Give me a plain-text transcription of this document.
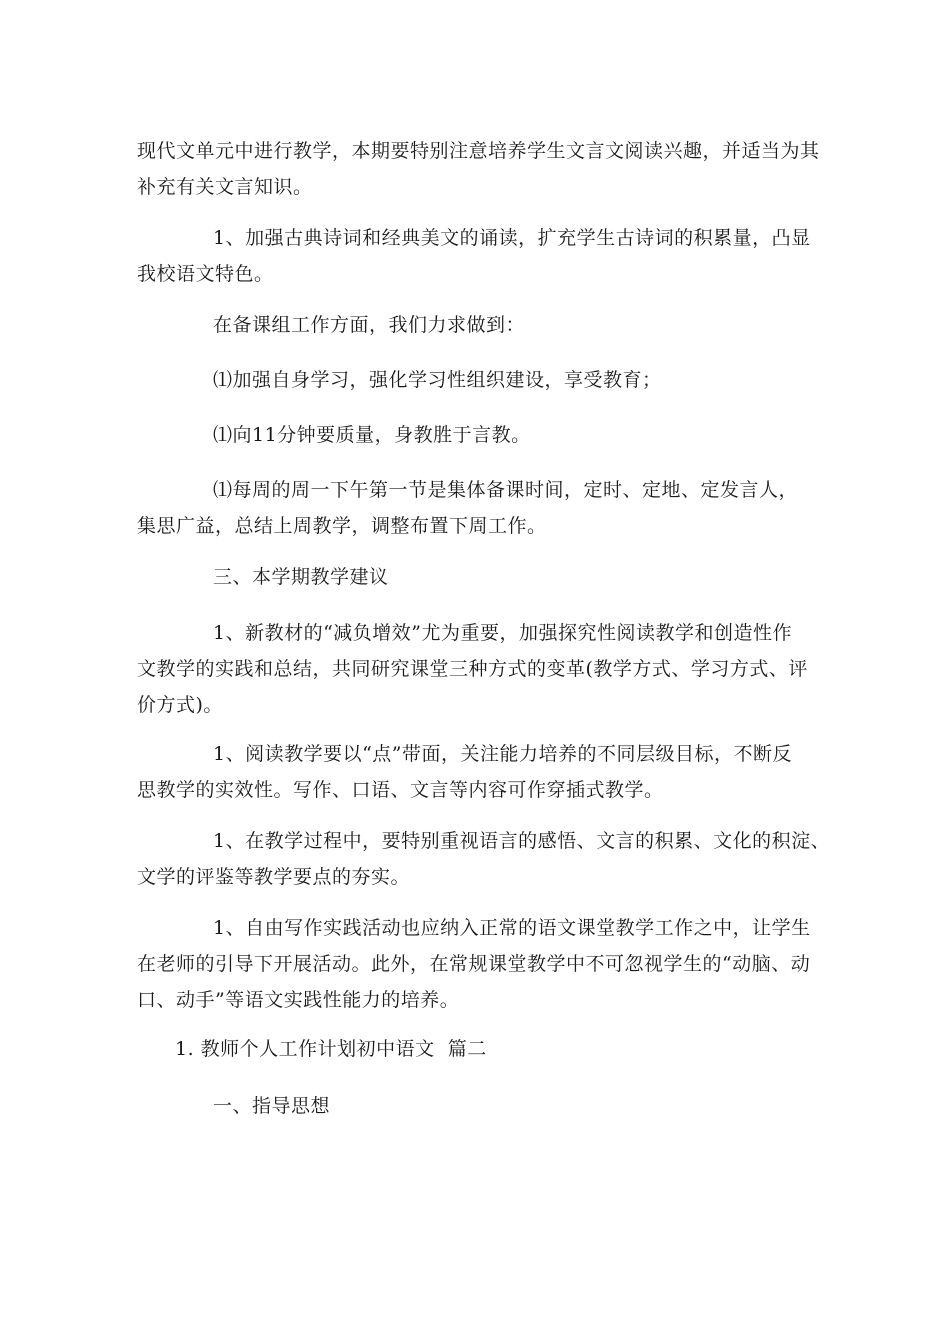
现代文单元中进行教学，本期要特别注意培养学生文言文阅读兴趣，并适当为其
补充有关文言知识。

1、加强古典诗词和经典美文的诵读，扩充学生古诗词的积累量，凸显
我校语文特色。

在备课组工作方面，我们力求做到：

⑴加强自身学习，强化学习性组织建设，享受教育；

⑴向11分钟要质量，身教胜于言教。

⑴每周的周一下午第一节是集体备课时间，定时、定地、定发言人，
集思广益，总结上周教学，调整布置下周工作。

三、本学期教学建议

1、新教材的“减负增效”尤为重要，加强探究性阅读教学和创造性作
文教学的实践和总结，共同研究课堂三种方式的变革(教学方式、学习方式、评
价方式)。

1、阅读教学要以“点”带面，关注能力培养的不同层级目标，不断反
思教学的实效性。写作、口语、文言等内容可作穿插式教学。

1、在教学过程中，要特别重视语言的感悟、文言的积累、文化的积淀、
文学的评鉴等教学要点的夯实。

1、自由写作实践活动也应纳入正常的语文课堂教学工作之中，让学生
在老师的引导下开展活动。此外，在常规课堂教学中不可忽视学生的“动脑、动
口、动手”等语文实践性能力的培养。

1. 教师个人工作计划初中语文  篇二

一、指导思想
